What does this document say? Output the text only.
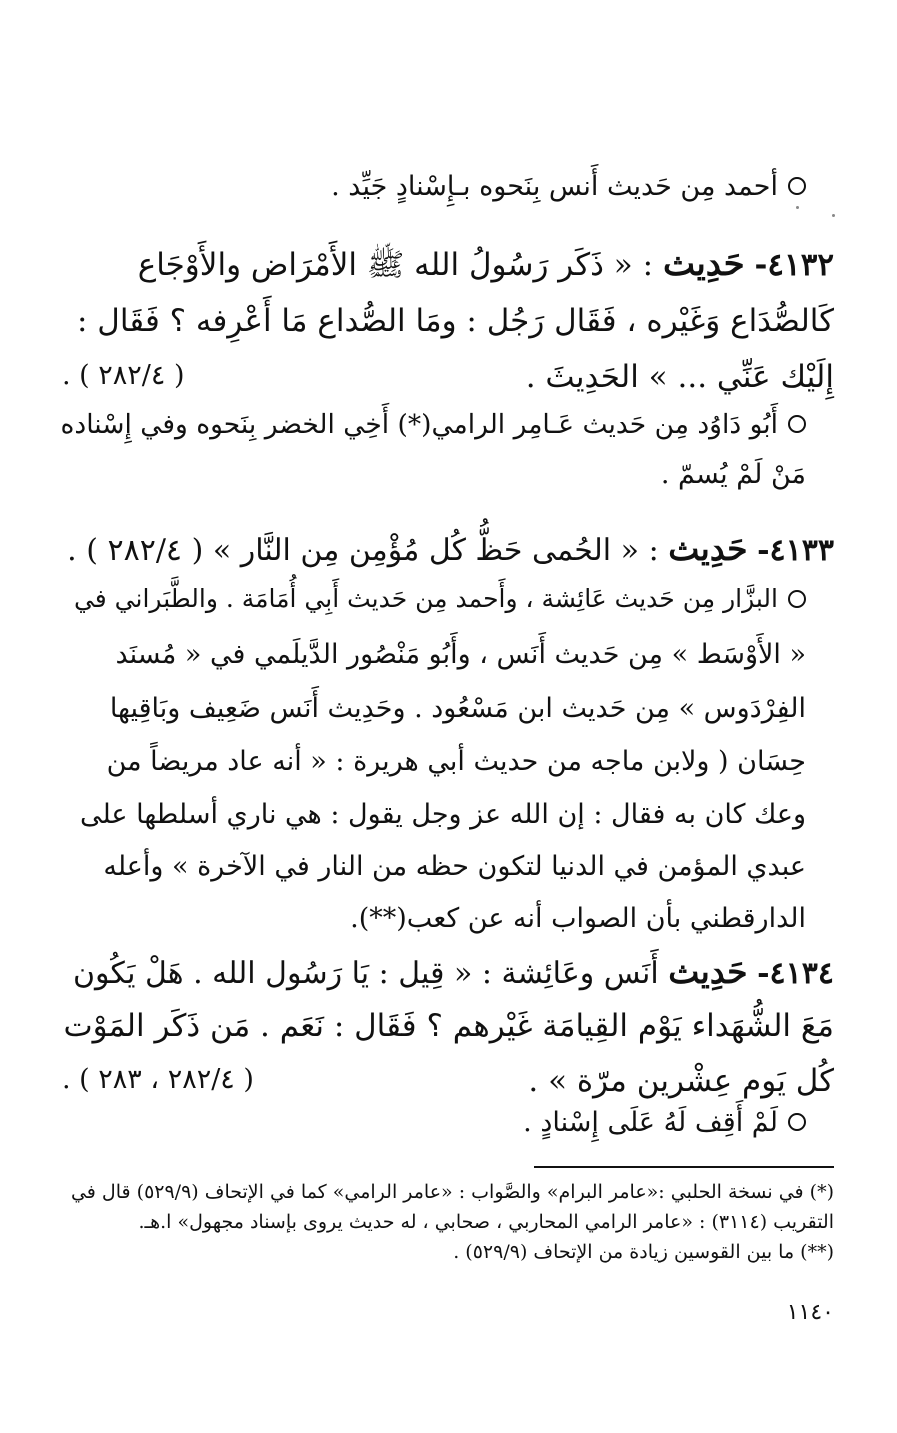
أحمد مِن حَديث أَنس بِنَحوه بـإِسْنادٍ جَيِّد .
٤١٣٢- حَدِيث : « ذَكَر رَسُولُ الله ﷺ الأَمْرَاض والأَوْجَاع
كَالصُّدَاع وَغَيْره ، فَقَال رَجُل : ومَا الصُّداع مَا أَعْرِفه ؟ فَقَال :
إِلَيْك عَنِّي ... » الحَدِيثَ .
( ٢٨٢/٤ ) .
أَبُو دَاوُد مِن حَديث عَـامِر الرامي(*) أَخِي الخضر بِنَحوه وفي إِسْناده
مَنْ لَمْ يُسمّ .
٤١٣٣- حَدِيث : « الحُمى حَظُّ كُل مُؤْمِن مِن النَّار » ( ٢٨٢/٤ ) .
البزَّار مِن حَديث عَائِشة ، وأَحمد مِن حَديث أَبِي أُمَامَة . والطَّبَراني في
« الأَوْسَط » مِن حَديث أَنَس ، وأَبُو مَنْصُور الدَّيلَمي في « مُسنَد
الفِرْدَوس » مِن حَديث ابن مَسْعُود . وحَدِيث أَنَس ضَعِيف وبَاقِيها
حِسَان ( ولابن ماجه من حديث أبي هريرة : « أنه عاد مريضاً من
وعك كان به فقال : إن الله عز وجل يقول : هي ناري أسلطها على
عبدي المؤمن في الدنيا لتكون حظه من النار في الآخرة » وأعله
الدارقطني بأن الصواب أنه عن كعب(**).
٤١٣٤- حَدِيث أَنَس وعَائِشة : « قِيل : يَا رَسُول الله . هَلْ يَكُون
مَعَ الشُّهَداء يَوْم القِيامَة غَيْرهم ؟ فَقَال : نَعَم . مَن ذَكَر المَوْت
كُل يَوم عِشْرين مرّة » .
( ٢٨٢/٤ ، ٢٨٣ ) .
لَمْ أَقِف لَهُ عَلَى إِسْنادٍ .
(*) في نسخة الحلبي :«عامر البرام» والصَّواب : «عامر الرامي» كما في الإتحاف (٥٢٩/٩) قال في
التقريب (٣١١٤) : «عامر الرامي المحاربي ، صحابي ، له حديث يروى بإسناد مجهول» ا.هـ.
(**) ما بين القوسين زيادة من الإتحاف (٥٢٩/٩) .
١١٤٠
